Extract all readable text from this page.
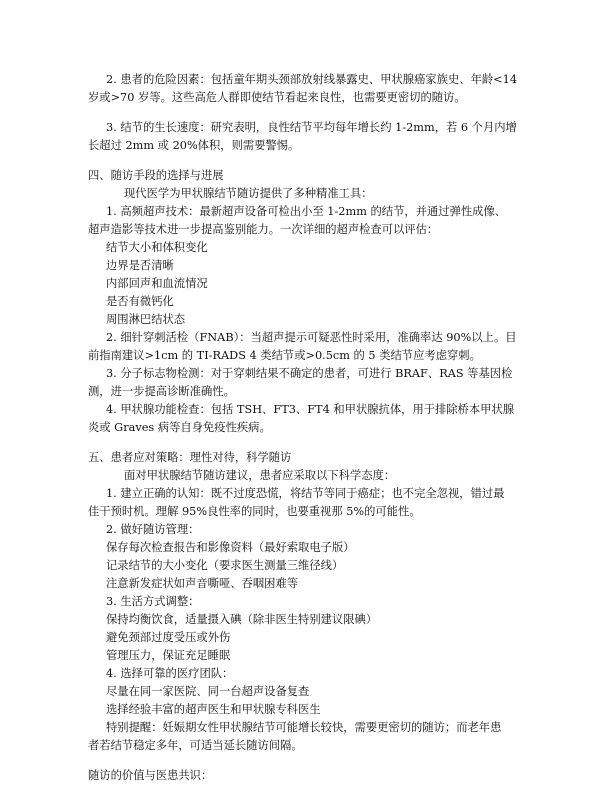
2. 患者的危险因素：包括童年期头颈部放射线暴露史、甲状腺癌家族史、年龄<14
岁或>70 岁等。这些高危人群即使结节看起来良性，也需要更密切的随访。
3. 结节的生长速度：研究表明，良性结节平均每年增长约 1-2mm，若 6 个月内增
长超过 2mm 或 20%体积，则需要警惕。
四、随访手段的选择与进展
现代医学为甲状腺结节随访提供了多种精准工具：
1. 高频超声技术：最新超声设备可检出小至 1-2mm 的结节，并通过弹性成像、
超声造影等技术进一步提高鉴别能力。一次详细的超声检查可以评估：
结节大小和体积变化
边界是否清晰
内部回声和血流情况
是否有微钙化
周围淋巴结状态
2. 细针穿刺活检（FNAB）：当超声提示可疑恶性时采用，准确率达 90%以上。目
前指南建议>1cm 的 TI-RADS 4 类结节或>0.5cm 的 5 类结节应考虑穿刺。
3. 分子标志物检测：对于穿刺结果不确定的患者，可进行 BRAF、RAS 等基因检
测，进一步提高诊断准确性。
4. 甲状腺功能检查：包括 TSH、FT3、FT4 和甲状腺抗体，用于排除桥本甲状腺
炎或 Graves 病等自身免疫性疾病。
五、患者应对策略：理性对待，科学随访
面对甲状腺结节随访建议，患者应采取以下科学态度：
1. 建立正确的认知：既不过度恐慌，将结节等同于癌症；也不完全忽视，错过最
佳干预时机。理解 95%良性率的同时，也要重视那 5%的可能性。
2. 做好随访管理：
保存每次检查报告和影像资料（最好索取电子版）
记录结节的大小变化（要求医生测量三维径线）
注意新发症状如声音嘶哑、吞咽困难等
3. 生活方式调整：
保持均衡饮食，适量摄入碘（除非医生特别建议限碘）
避免颈部过度受压或外伤
管理压力，保证充足睡眠
4. 选择可靠的医疗团队：
尽量在同一家医院、同一台超声设备复查
选择经验丰富的超声医生和甲状腺专科医生
特别提醒：妊娠期女性甲状腺结节可能增长较快，需要更密切的随访；而老年患
者若结节稳定多年，可适当延长随访间隔。
随访的价值与医患共识：
